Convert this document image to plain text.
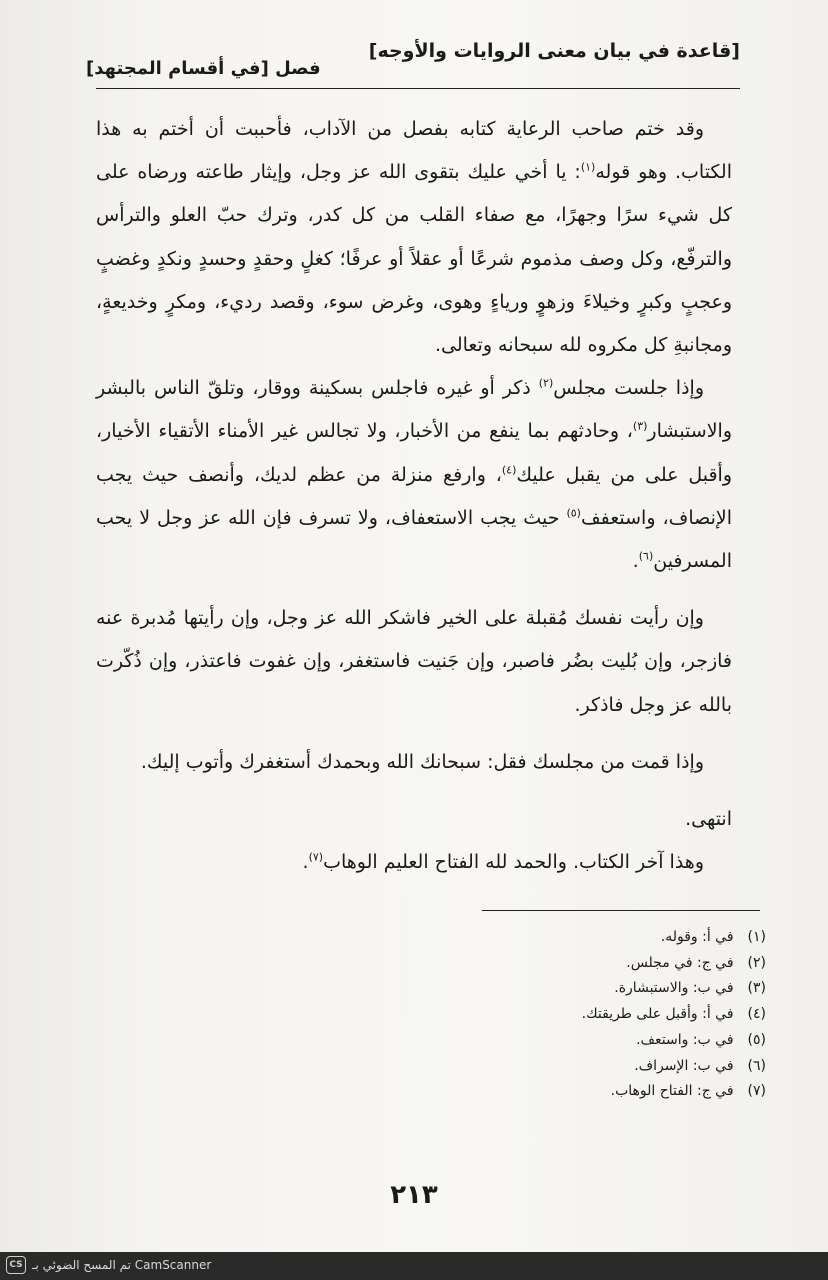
[قاعدة في بيان معنى الروايات والأوجه]
فصل [في أقسام المجتهد]

وقد ختم صاحب الرعاية كتابه بفصل من الآداب، فأحببت أن أختم به هذا الكتاب. وهو قوله$^{(١)}$: يا أخي عليك بتقوى الله عز وجل، وإيثار طاعته ورضاه على كل شيء سرًا وجهرًا، مع صفاء القلب من كل كدر، وترك حبّ العلو والترأس والترفّع، وكل وصف مذموم شرعًا أو عقلاً أو عرفًا؛ كغلٍ وحقدٍ وحسدٍ ونكدٍ وغضبٍ وعجبٍ وكبرٍ وخيلاءَ وزهوٍ ورياءٍ وهوى، وغرض سوء، وقصد رديء، ومكرٍ وخديعةٍ، ومجانبةِ كل مكروه لله سبحانه وتعالى.

وإذا جلست مجلس$^{(٢)}$ ذكر أو غيره فاجلس بسكينة ووقار، وتلقّ الناس بالبشر والاستبشار$^{(٣)}$، وحادثهم بما ينفع من الأخبار، ولا تجالس غير الأمناء الأتقياء الأخيار، وأقبل على من يقبل عليك$^{(٤)}$، وارفع منزلة من عظم لديك، وأنصف حيث يجب الإنصاف، واستعفف$^{(٥)}$ حيث يجب الاستعفاف، ولا تسرف فإن الله عز وجل لا يحب المسرفين$^{(٦)}$.

وإن رأيت نفسك مُقبلة على الخير فاشكر الله عز وجل، وإن رأيتها مُدبرة عنه فازجر، وإن بُليت بضُر فاصبر، وإن جَنيت فاستغفر، وإن غفوت فاعتذر، وإن ذُكّرت بالله عز وجل فاذكر.

وإذا قمت من مجلسك فقل: سبحانك الله وبحمدك أستغفرك وأتوب إليك.

انتهى.

وهذا آخر الكتاب. والحمد لله الفتاح العليم الوهاب$^{(٧)}$.

(١) في أ: وقوله.
(٢) في ج: في مجلس.
(٣) في ب: والاستبشارة.
(٤) في أ: وأقبل على طريقتك.
(٥) في ب: واستعف.
(٦) في ب: الإسراف.
(٧) في ج: الفتاح الوهاب.
٢١٣
CS تم المسح الضوئي بـ CamScanner
